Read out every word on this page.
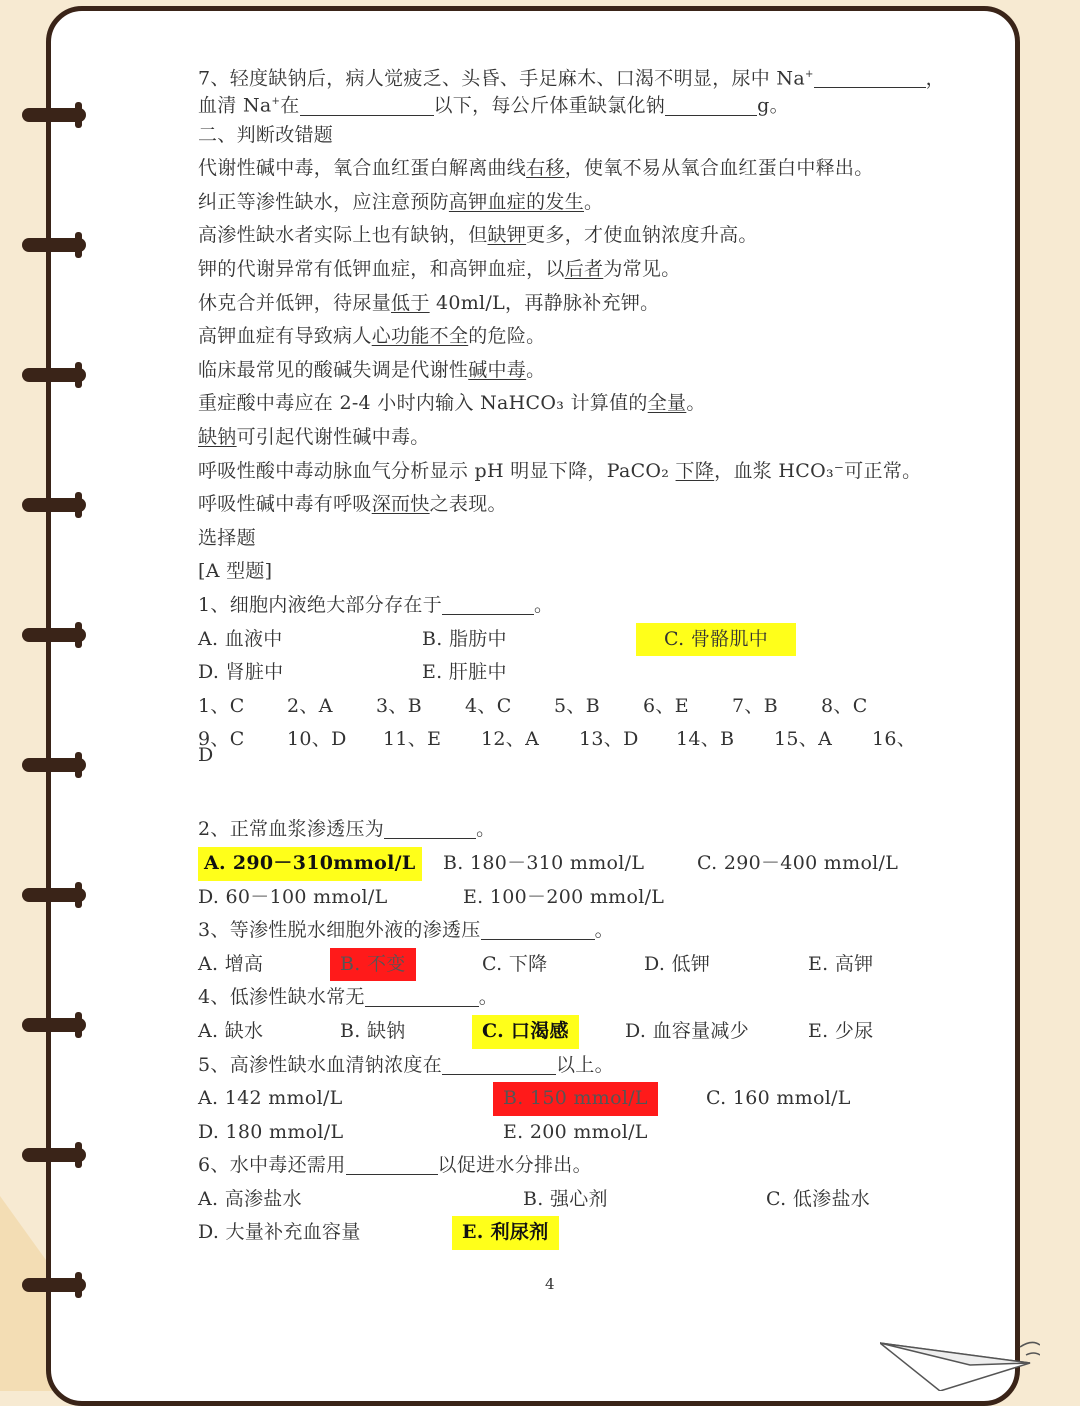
7、轻度缺钠后，病人觉疲乏、头昏、手足麻木、口渴不明显，尿中 Na+	，
血清 Na+在	以下，每公斤体重缺氯化钠	g。
二、判断改错题
代谢性碱中毒，氧合血红蛋白解离曲线右移，使氧不易从氧合血红蛋白中释出。
纠正等渗性缺水，应注意预防高钾血症的发生。
高渗性缺水者实际上也有缺钠，但缺钾更多，才使血钠浓度升高。
钾的代谢异常有低钾血症，和高钾血症，以后者为常见。
休克合并低钾，待尿量低于 40ml/L，再静脉补充钾。
高钾血症有导致病人心功能不全的危险。
临床最常见的酸碱失调是代谢性碱中毒。
重症酸中毒应在 2-4 小时内输入 NaHCO₃ 计算值的全量。
缺钠可引起代谢性碱中毒。
呼吸性酸中毒动脉血气分析显示 pH 明显下降，PaCO₂ 下降，血浆 HCO₃⁻可正常。
呼吸性碱中毒有呼吸深而快之表现。
选择题
[A 型题]
1、细胞内液绝大部分存在于	。
A. 血液中	B. 脂肪中	C. 骨骼肌中
D. 肾脏中	E. 肝脏中
1、C 2、A 3、B 4、C 5、B 6、E 7、B 8、C
9、C 10、D 11、E 12、A 13、D 14、B 15、A 16、
D
2、正常血浆渗透压为	。
A. 290－310mmol/L	B. 180－310 mmol/L	C. 290－400 mmol/L
D. 60－100 mmol/L	E. 100－200 mmol/L
3、等渗性脱水细胞外液的渗透压	。
A. 增高	B. 不变	C. 下降	D. 低钾	E. 高钾
4、低渗性缺水常无	。
A. 缺水	B. 缺钠	C. 口渴感	D. 血容量减少	E. 少尿
5、高渗性缺水血清钠浓度在	以上。
A. 142 mmol/L	B. 150 mmol/L	C. 160 mmol/L
D. 180 mmol/L	E. 200 mmol/L
6、水中毒还需用	以促进水分排出。
A. 高渗盐水	B. 强心剂	C. 低渗盐水
D. 大量补充血容量	E. 利尿剂
4
